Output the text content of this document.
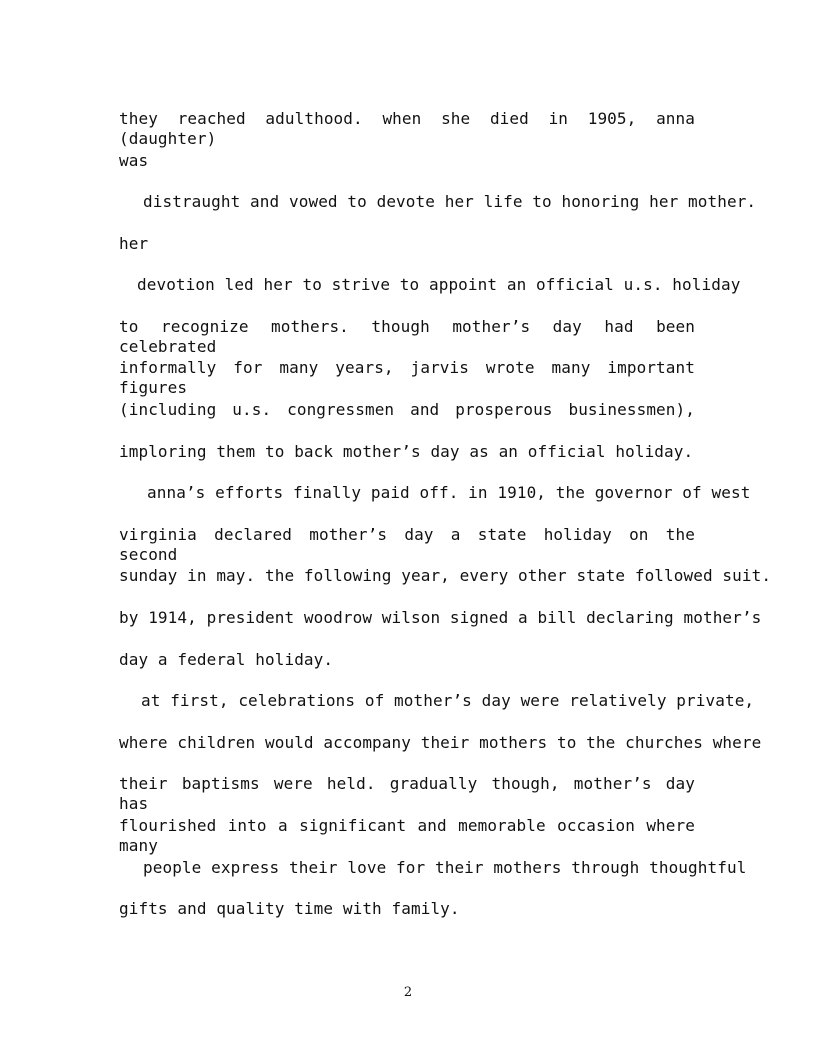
they reached adulthood. when she died in 1905, anna (daughter)
was
distraught and vowed to devote her life to honoring her mother.
her
devotion led her to strive to appoint an official u.s. holiday
to recognize mothers. though mother’s day had been celebrated
informally for many years, jarvis wrote many important figures
(including u.s. congressmen and prosperous businessmen),
imploring them to back mother’s day as an official holiday.
anna’s efforts finally paid off. in 1910, the governor of west
virginia declared mother’s day a state holiday on the second
sunday in may. the following year, every other state followed suit.
by 1914, president woodrow wilson signed a bill declaring mother’s
day a federal holiday.
at first, celebrations of mother’s day were relatively private,
where children would accompany their mothers to the churches where
their baptisms were held. gradually though, mother’s day has
flourished into a significant and memorable occasion where many
people express their love for their mothers through thoughtful
gifts and quality time with family.
2
